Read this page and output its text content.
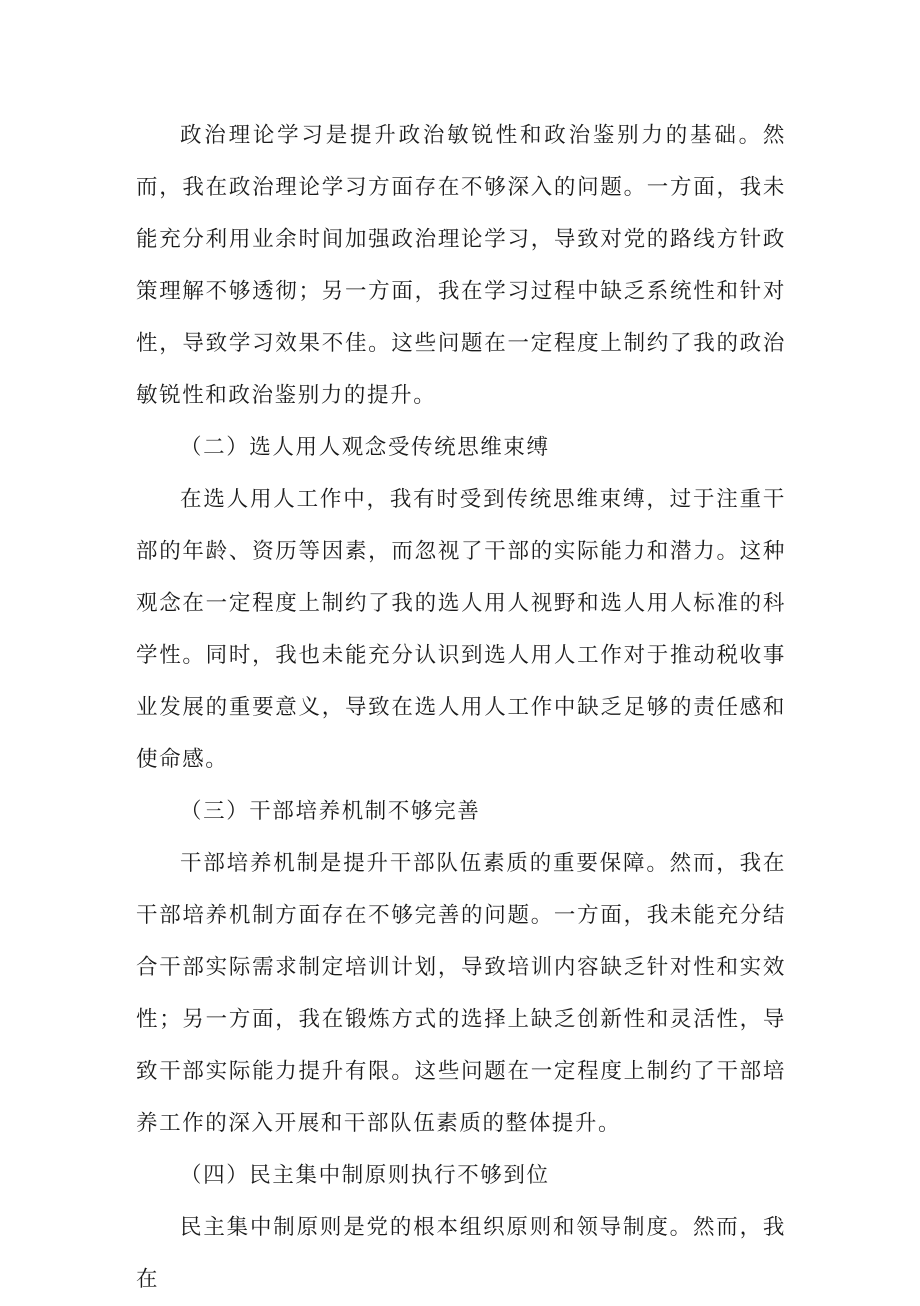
政治理论学习是提升政治敏锐性和政治鉴别力的基础。然而，我在政治理论学习方面存在不够深入的问题。一方面，我未能充分利用业余时间加强政治理论学习，导致对党的路线方针政策理解不够透彻；另一方面，我在学习过程中缺乏系统性和针对性，导致学习效果不佳。这些问题在一定程度上制约了我的政治敏锐性和政治鉴别力的提升。

（二）选人用人观念受传统思维束缚

在选人用人工作中，我有时受到传统思维束缚，过于注重干部的年龄、资历等因素，而忽视了干部的实际能力和潜力。这种观念在一定程度上制约了我的选人用人视野和选人用人标准的科学性。同时，我也未能充分认识到选人用人工作对于推动税收事业发展的重要意义，导致在选人用人工作中缺乏足够的责任感和使命感。

（三）干部培养机制不够完善

干部培养机制是提升干部队伍素质的重要保障。然而，我在干部培养机制方面存在不够完善的问题。一方面，我未能充分结合干部实际需求制定培训计划，导致培训内容缺乏针对性和实效性；另一方面，我在锻炼方式的选择上缺乏创新性和灵活性，导致干部实际能力提升有限。这些问题在一定程度上制约了干部培养工作的深入开展和干部队伍素质的整体提升。

（四）民主集中制原则执行不够到位

民主集中制原则是党的根本组织原则和领导制度。然而，我在
